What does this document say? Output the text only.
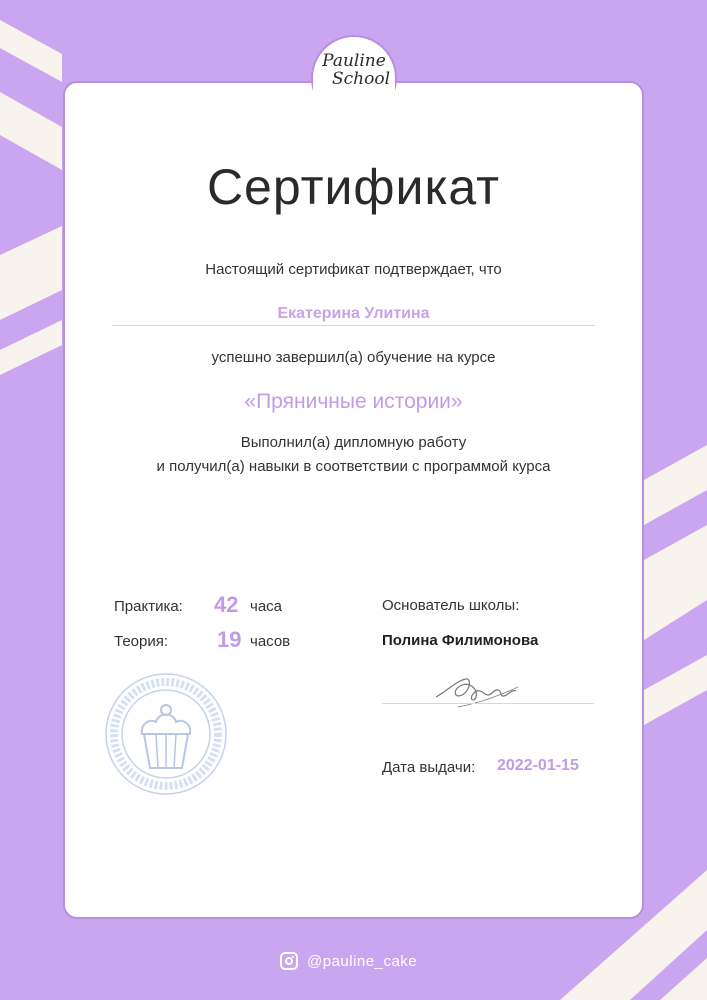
Pauline
School
Сертификат
Настоящий сертификат подтверждает, что
Екатерина Улитина
успешно завершил(а) обучение на курсе
«Пряничные истории»
Выполнил(а) дипломную работу
и получил(а) навыки в соответствии с программой курса
Практика: 42 часа
Теория: 19 часов
Основатель школы:
Полина Филимонова
Дата выдачи: 2022-01-15
@pauline_cake
